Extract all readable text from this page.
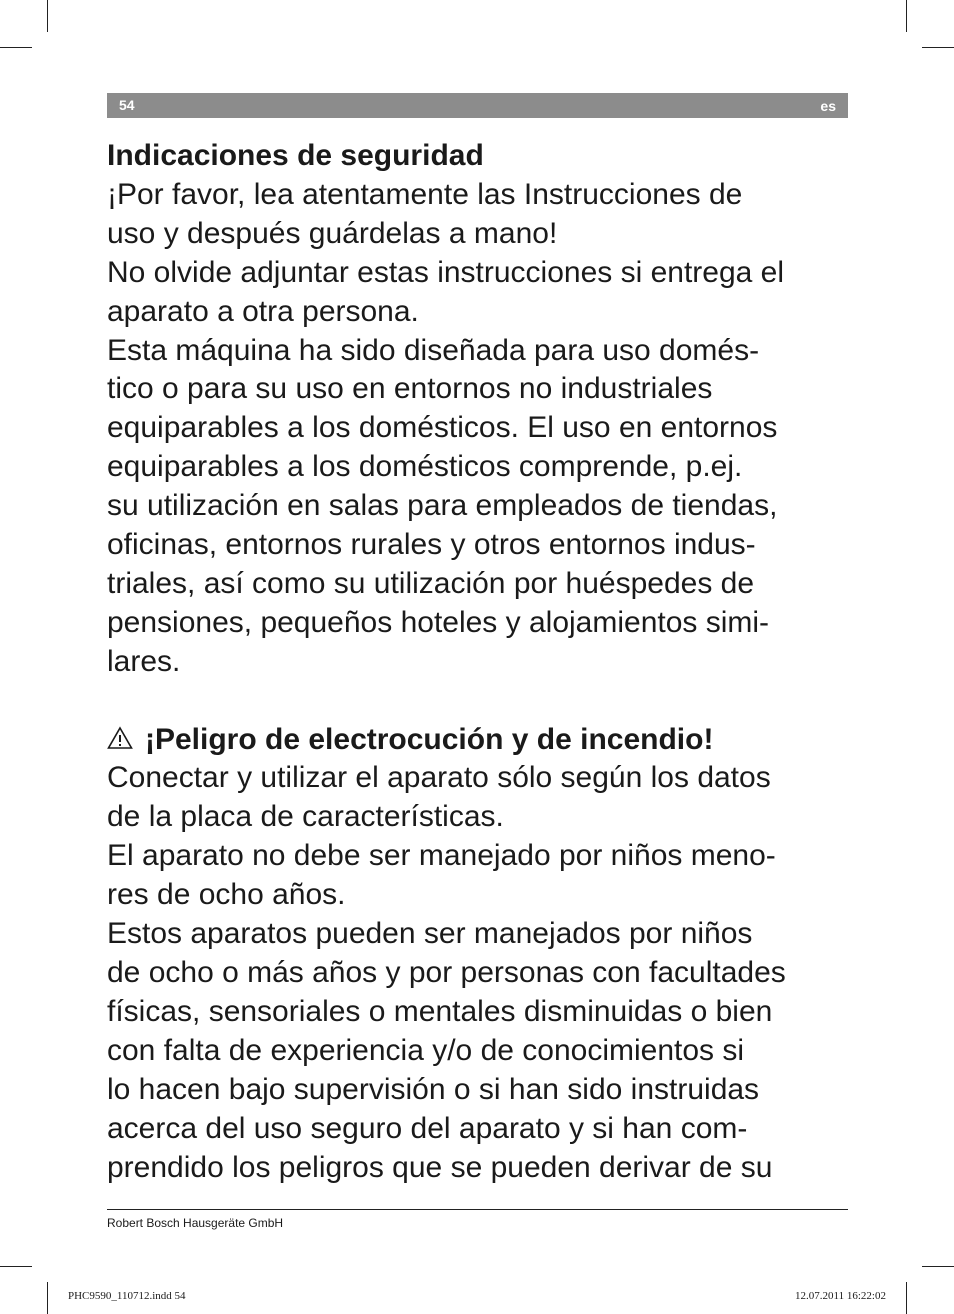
54	es

Indicaciones de seguridad

¡Por favor, lea atentamente las Instrucciones de

uso y después guárdelas a mano!

No olvide adjuntar estas instrucciones si entrega el

aparato a otra persona.

Esta máquina ha sido diseñada para uso domés-

tico o para su uso en entornos no industriales

equiparables a los domésticos. El uso en entornos

equiparables a los domésticos comprende, p.ej.

su utilización en salas para empleados de tiendas,

oficinas, entornos rurales y otros entornos indus-

triales, así como su utilización por huéspedes de

pensiones, pequeños hoteles y alojamientos simi-

lares.

¡Peligro de electrocución y de incendio!

Conectar y utilizar el aparato sólo según los datos

de la placa de características.

El aparato no debe ser manejado por niños meno-

res de ocho años.

Estos aparatos pueden ser manejados por niños

de ocho o más años y por personas con facultades

físicas, sensoriales o mentales disminuidas o bien

con falta de experiencia y/o de conocimientos si

lo hacen bajo supervisión o si han sido instruidas

acerca del uso seguro del aparato y si han com-

prendido los peligros que se pueden derivar de su

Robert Bosch Hausgeräte GmbH
PHC9590_110712.indd 54	12.07.2011 16:22:02
